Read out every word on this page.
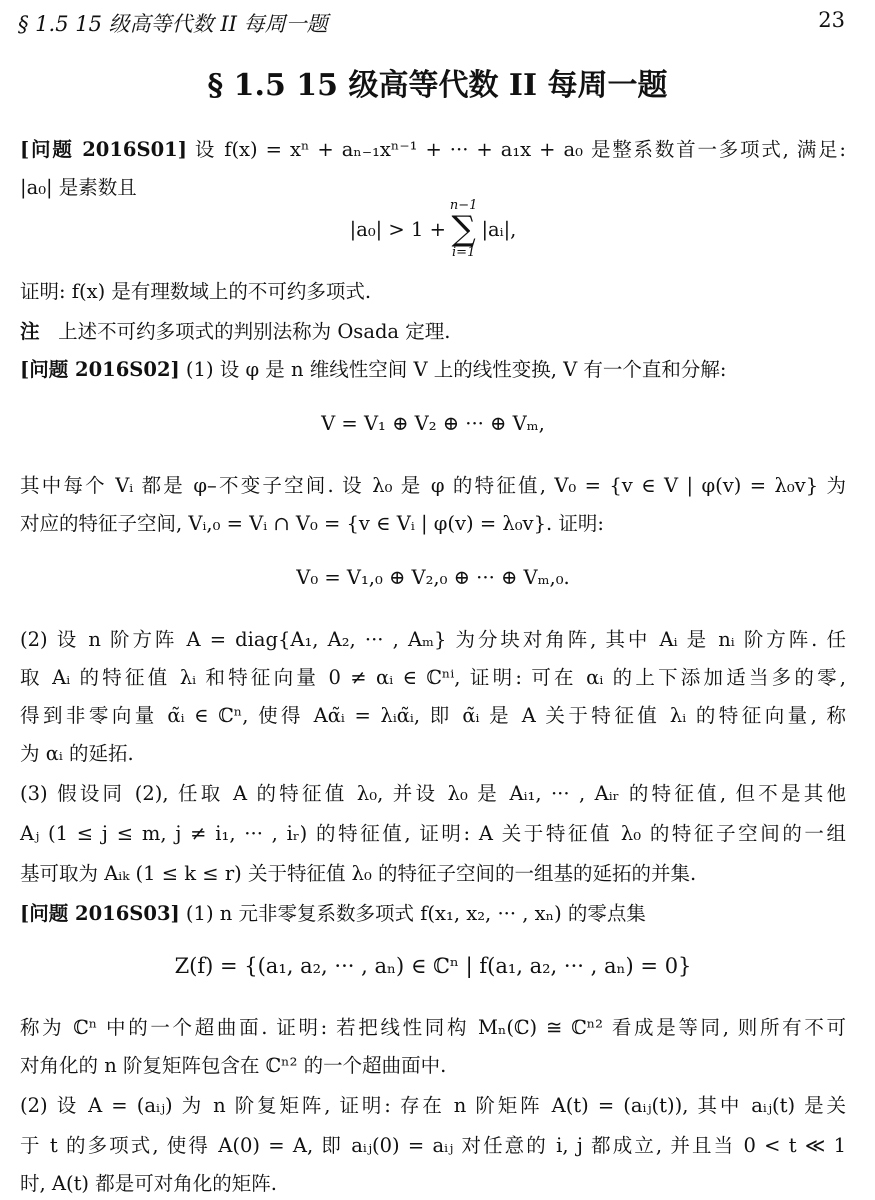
§ 1.5 15 级高等代数 II 每周一题	23
§ 1.5 15 级高等代数 II 每周一题
[问题 2016S01] 设 f(x) = xⁿ + aₙ₋₁xⁿ⁻¹ + ··· + a₁x + a₀ 是整系数首一多项式, 满足:
|a₀| 是素数且
|a₀| > 1 +
n−1
∑
i=1
|aᵢ|,
证明: f(x) 是有理数域上的不可约多项式.
注 上述不可约多项式的判别法称为 Osada 定理.
[问题 2016S02] (1) 设 φ 是 n 维线性空间 V 上的线性变换, V 有一个直和分解:
V = V₁ ⊕ V₂ ⊕ ··· ⊕ Vₘ,
其中每个 Vᵢ 都是 φ–不变子空间. 设 λ₀ 是 φ 的特征值, V₀ = {v ∈ V | φ(v) = λ₀v} 为
对应的特征子空间, Vᵢ,₀ = Vᵢ ∩ V₀ = {v ∈ Vᵢ | φ(v) = λ₀v}. 证明:
V₀ = V₁,₀ ⊕ V₂,₀ ⊕ ··· ⊕ Vₘ,₀.
(2) 设 n 阶方阵 A = diag{A₁, A₂, ··· , Aₘ} 为分块对角阵, 其中 Aᵢ 是 nᵢ 阶方阵. 任
取 Aᵢ 的特征值 λᵢ 和特征向量 0 ≠ αᵢ ∈ ℂⁿⁱ, 证明: 可在 αᵢ 的上下添加适当多的零,
得到非零向量 α̃ᵢ ∈ ℂⁿ, 使得 Aα̃ᵢ = λᵢα̃ᵢ, 即 α̃ᵢ 是 A 关于特征值 λᵢ 的特征向量, 称
为 αᵢ 的延拓.
(3) 假设同 (2), 任取 A 的特征值 λ₀, 并设 λ₀ 是 Aᵢ₁, ··· , Aᵢᵣ 的特征值, 但不是其他
Aⱼ (1 ≤ j ≤ m, j ≠ i₁, ··· , iᵣ) 的特征值, 证明: A 关于特征值 λ₀ 的特征子空间的一组
基可取为 Aᵢₖ (1 ≤ k ≤ r) 关于特征值 λ₀ 的特征子空间的一组基的延拓的并集.
[问题 2016S03] (1) n 元非零复系数多项式 f(x₁, x₂, ··· , xₙ) 的零点集
Z(f) = {(a₁, a₂, ··· , aₙ) ∈ ℂⁿ | f(a₁, a₂, ··· , aₙ) = 0}
称为 ℂⁿ 中的一个超曲面. 证明: 若把线性同构 Mₙ(ℂ) ≅ ℂⁿ² 看成是等同, 则所有不可
对角化的 n 阶复矩阵包含在 ℂⁿ² 的一个超曲面中.
(2) 设 A = (aᵢⱼ) 为 n 阶复矩阵, 证明: 存在 n 阶矩阵 A(t) = (aᵢⱼ(t)), 其中 aᵢⱼ(t) 是关
于 t 的多项式, 使得 A(0) = A, 即 aᵢⱼ(0) = aᵢⱼ 对任意的 i, j 都成立, 并且当 0 < t ≪ 1
时, A(t) 都是可对角化的矩阵.
